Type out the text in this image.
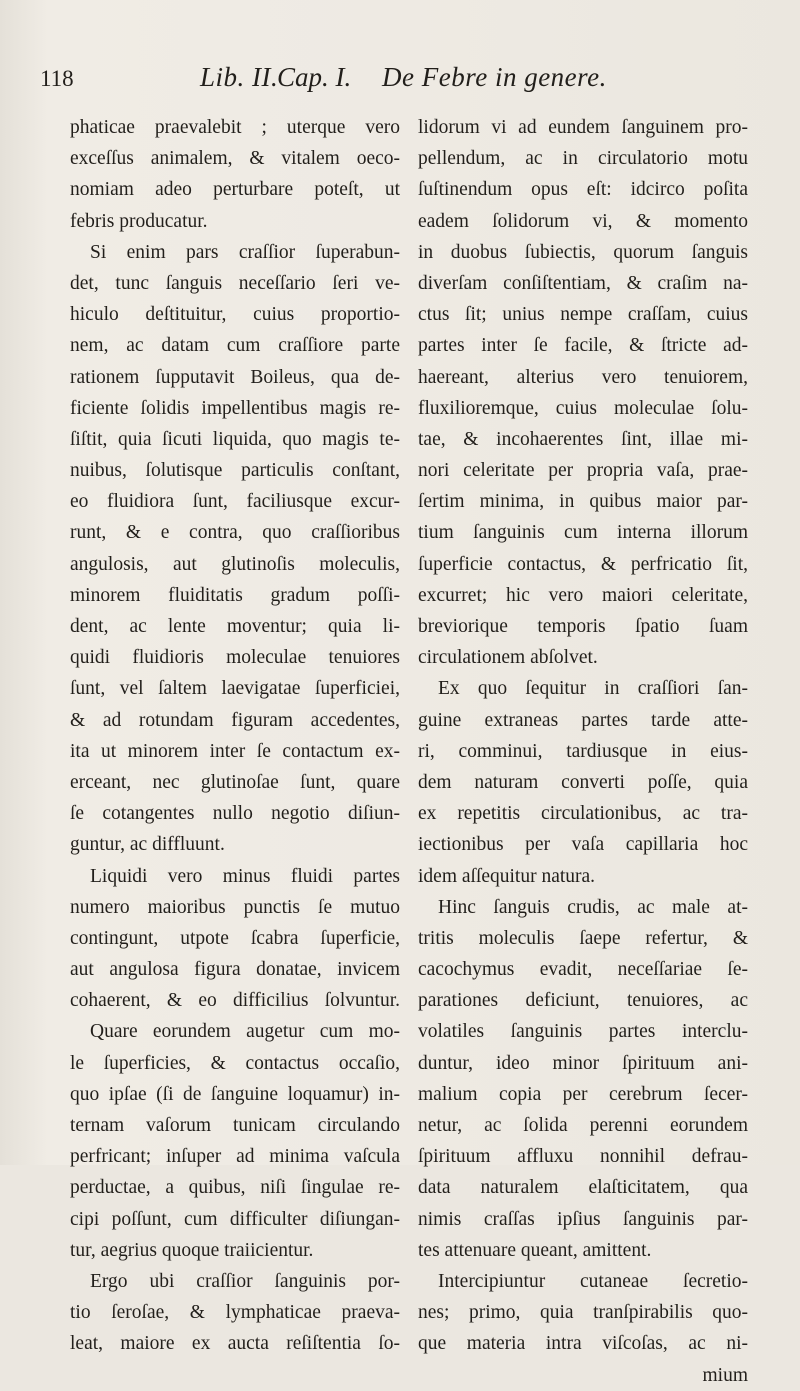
118	Lib. II.
Cap. I. De Febre in genere.
phaticae praevalebit ; uterque vero
exceſſus animalem, & vitalem oeco-
nomiam adeo perturbare poteſt, ut
febris producatur.
Si enim pars craſſior ſuperabun-
det, tunc ſanguis neceſſario ſeri ve-
hiculo deſtituitur, cuius proportio-
nem, ac datam cum craſſiore parte
rationem ſupputavit Boileus, qua de-
ficiente ſolidis impellentibus magis re-
ſiſtit, quia ſicuti liquida, quo magis te-
nuibus, ſolutisque particulis conſtant,
eo fluidiora ſunt, faciliusque excur-
runt, & e contra, quo craſſioribus
angulosis, aut glutinoſis moleculis,
minorem fluiditatis gradum poſſi-
dent, ac lente moventur; quia li-
quidi fluidioris moleculae tenuiores
ſunt, vel ſaltem laevigatae ſuperficiei,
& ad rotundam figuram accedentes,
ita ut minorem inter ſe contactum ex-
erceant, nec glutinoſae ſunt, quare
ſe cotangentes nullo negotio diſiun-
guntur, ac diffluunt.
Liquidi vero minus fluidi partes
numero maioribus punctis ſe mutuo
contingunt, utpote ſcabra ſuperficie,
aut angulosa figura donatae, invicem
cohaerent, & eo difficilius ſolvuntur.
Quare eorundem augetur cum mo-
le ſuperficies, & contactus occaſio,
quo ipſae (ſi de ſanguine loquamur) in-
ternam vaſorum tunicam circulando
perfricant; inſuper ad minima vaſcula
perductae, a quibus, niſi ſingulae re-
cipi poſſunt, cum difficulter diſiungan-
tur, aegrius quoque traiicientur.
Ergo ubi craſſior ſanguinis por-
tio ſeroſae, & lymphaticae praeva-
leat, maiore ex aucta reſiſtentia ſo-
lidorum vi ad eundem ſanguinem pro-
pellendum, ac in circulatorio motu
ſuſtinendum opus eſt: idcirco poſita
eadem ſolidorum vi, & momento
in duobus ſubiectis, quorum ſanguis
diverſam conſiſtentiam, & craſim na-
ctus ſit; unius nempe craſſam, cuius
partes inter ſe facile, & ſtricte ad-
haereant, alterius vero tenuiorem,
fluxilioremque, cuius moleculae ſolu-
tae, & incohaerentes ſint, illae mi-
nori celeritate per propria vaſa, prae-
ſertim minima, in quibus maior par-
tium ſanguinis cum interna illorum
ſuperficie contactus, & perfricatio ſit,
excurret; hic vero maiori celeritate,
breviorique temporis ſpatio ſuam
circulationem abſolvet.
Ex quo ſequitur in craſſiori ſan-
guine extraneas partes tarde atte-
ri, comminui, tardiusque in eius-
dem naturam converti poſſe, quia
ex repetitis circulationibus, ac tra-
iectionibus per vaſa capillaria hoc
idem aſſequitur natura.
Hinc ſanguis crudis, ac male at-
tritis moleculis ſaepe refertur, &
cacochymus evadit, neceſſariae ſe-
parationes deficiunt, tenuiores, ac
volatiles ſanguinis partes interclu-
duntur, ideo minor ſpirituum ani-
malium copia per cerebrum ſecer-
netur, ac ſolida perenni eorundem
ſpirituum affluxu nonnihil defrau-
data naturalem elaſticitatem, qua
nimis craſſas ipſius ſanguinis par-
tes attenuare queant, amittent.
Intercipiuntur cutaneae ſecretio-
nes; primo, quia tranſpirabilis quo-
que materia intra viſcoſas, ac ni-
mium
